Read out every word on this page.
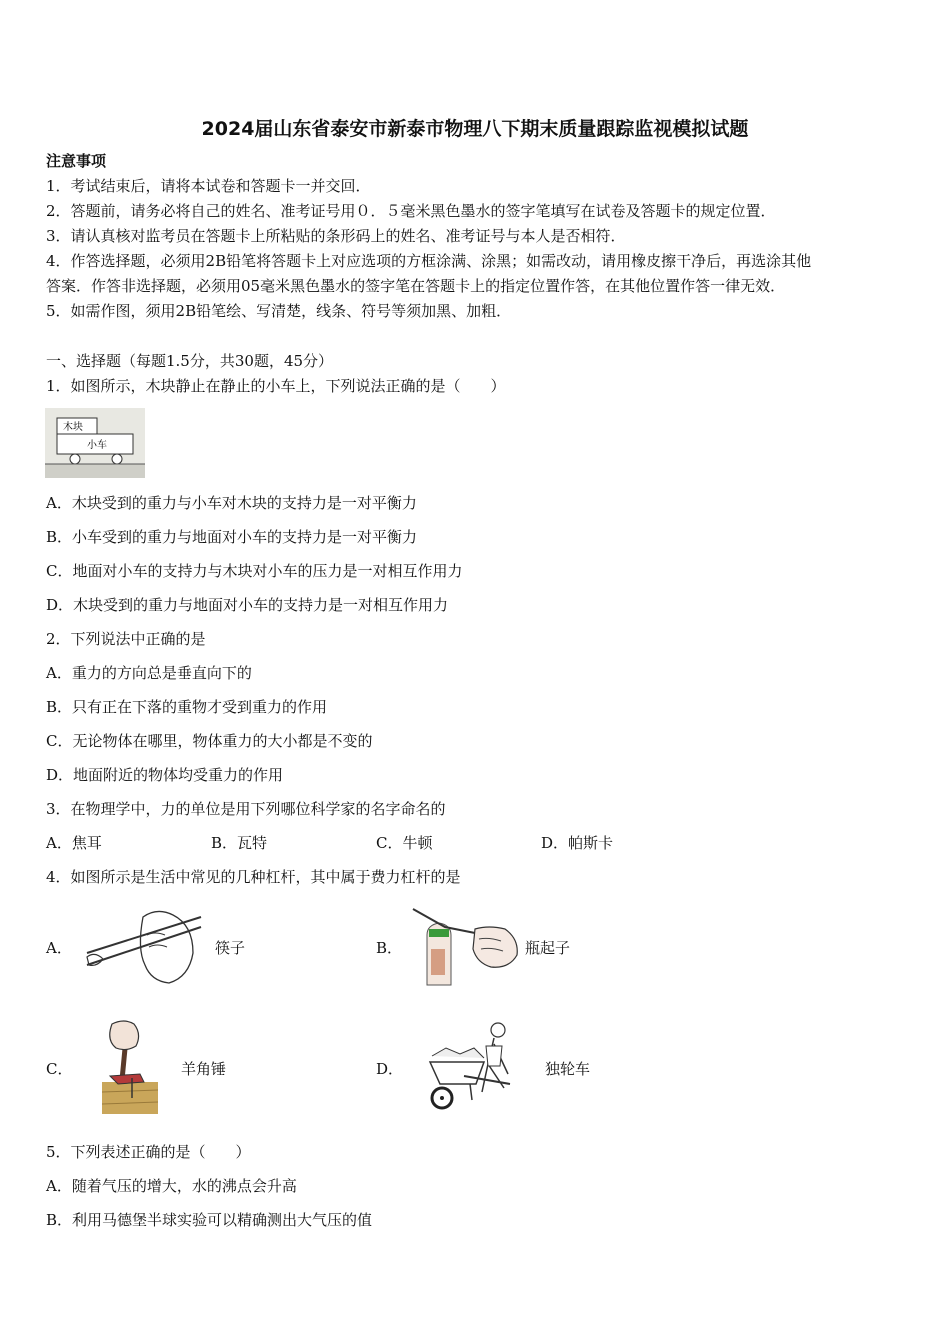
2024届山东省泰安市新泰市物理八下期末质量跟踪监视模拟试题
注意事项
1．考试结束后，请将本试卷和答题卡一并交回．
2．答题前，请务必将自己的姓名、准考证号用０．５毫米黑色墨水的签字笔填写在试卷及答题卡的规定位置．
3．请认真核对监考员在答题卡上所粘贴的条形码上的姓名、准考证号与本人是否相符．
4．作答选择题，必须用2B铅笔将答题卡上对应选项的方框涂满、涂黑；如需改动，请用橡皮擦干净后，再选涂其他
答案．作答非选择题，必须用05毫米黑色墨水的签字笔在答题卡上的指定位置作答，在其他位置作答一律无效．
5．如需作图，须用2B铅笔绘、写清楚，线条、符号等须加黑、加粗．
一、选择题（每题1.5分，共30题，45分）
1．如图所示，木块静止在静止的小车上，下列说法正确的是（　　）
木块
小车
A．木块受到的重力与小车对木块的支持力是一对平衡力
B．小车受到的重力与地面对小车的支持力是一对平衡力
C．地面对小车的支持力与木块对小车的压力是一对相互作用力
D．木块受到的重力与地面对小车的支持力是一对相互作用力
2．下列说法中正确的是
A．重力的方向总是垂直向下的
B．只有正在下落的重物才受到重力的作用
C．无论物体在哪里，物体重力的大小都是不变的
D．地面附近的物体均受重力的作用
3．在物理学中，力的单位是用下列哪位科学家的名字命名的
A．焦耳	B．瓦特	C．牛顿	D．帕斯卡
4．如图所示是生活中常见的几种杠杆，其中属于费力杠杆的是
A．	筷子	B．	瓶起子
C．	羊角锤	D．	独轮车
5．下列表述正确的是（　　）
A．随着气压的增大，水的沸点会升高
B．利用马德堡半球实验可以精确测出大气压的值
